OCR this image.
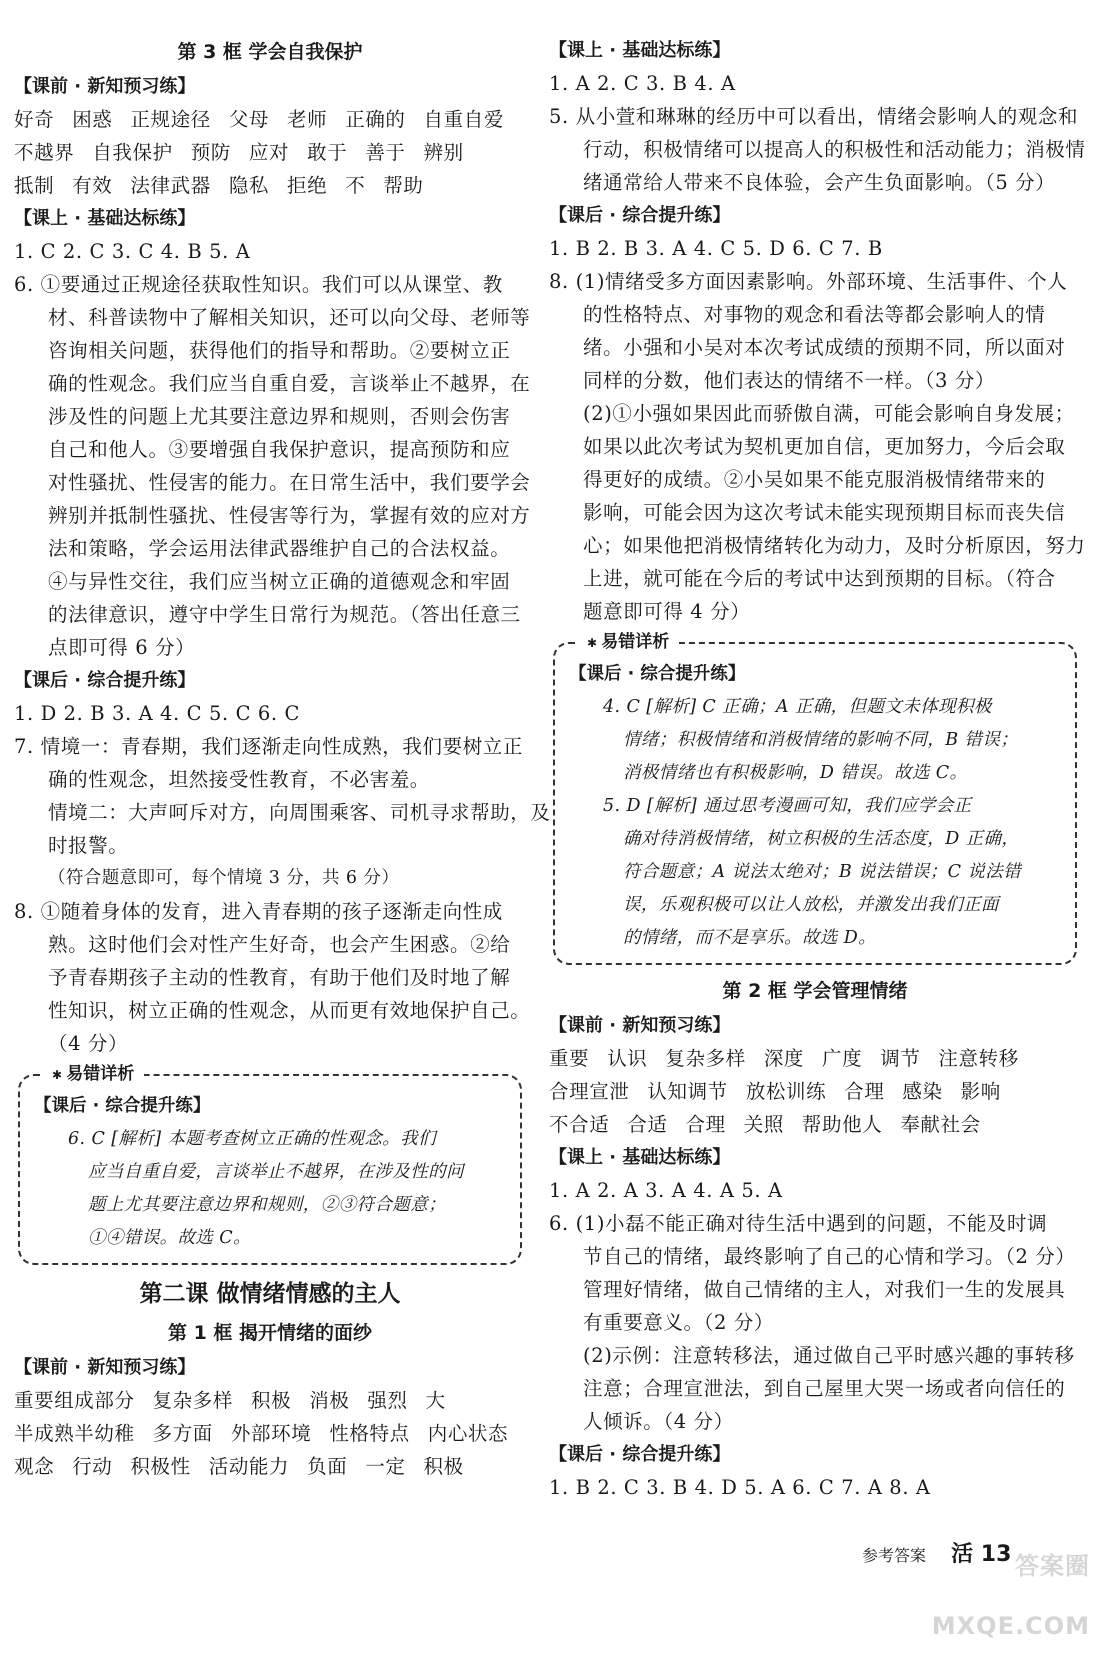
第 3 框 学会自我保护
【课前 · 新知预习练】
好奇 困惑 正规途径 父母 老师 正确的 自重自爱
不越界 自我保护 预防 应对 敢于 善于 辨别
抵制 有效 法律武器 隐私 拒绝 不 帮助
【课上 · 基础达标练】
1. C 2. C 3. C 4. B 5. A
6. ①要通过正规途径获取性知识。我们可以从课堂、教
材、科普读物中了解相关知识，还可以向父母、老师等
咨询相关问题，获得他们的指导和帮助。②要树立正
确的性观念。我们应当自重自爱，言谈举止不越界，在
涉及性的问题上尤其要注意边界和规则，否则会伤害
自己和他人。③要增强自我保护意识，提高预防和应
对性骚扰、性侵害的能力。在日常生活中，我们要学会
辨别并抵制性骚扰、性侵害等行为，掌握有效的应对方
法和策略，学会运用法律武器维护自己的合法权益。
④与异性交往，我们应当树立正确的道德观念和牢固
的法律意识，遵守中学生日常行为规范。（答出任意三
点即可得 6 分）
【课后 · 综合提升练】
1. D 2. B 3. A 4. C 5. C 6. C
7. 情境一：青春期，我们逐渐走向性成熟，我们要树立正
确的性观念，坦然接受性教育，不必害羞。
情境二：大声呵斥对方，向周围乘客、司机寻求帮助，及
时报警。
（符合题意即可，每个情境 3 分，共 6 分）
8. ①随着身体的发育，进入青春期的孩子逐渐走向性成
熟。这时他们会对性产生好奇，也会产生困惑。②给
予青春期孩子主动的性教育，有助于他们及时地了解
性知识，树立正确的性观念，从而更有效地保护自己。
（4 分）
✱ 易错详析
【课后 · 综合提升练】
6. C [解析] 本题考查树立正确的性观念。我们
应当自重自爱，言谈举止不越界，在涉及性的问
题上尤其要注意边界和规则，②③符合题意；
①④错误。故选 C。
第二课 做情绪情感的主人
第 1 框 揭开情绪的面纱
【课前 · 新知预习练】
重要组成部分 复杂多样 积极 消极 强烈 大
半成熟半幼稚 多方面 外部环境 性格特点 内心状态
观念 行动 积极性 活动能力 负面 一定 积极
【课上 · 基础达标练】
1. A 2. C 3. B 4. A
5. 从小萱和琳琳的经历中可以看出，情绪会影响人的观念和
行动，积极情绪可以提高人的积极性和活动能力；消极情
绪通常给人带来不良体验，会产生负面影响。（5 分）
【课后 · 综合提升练】
1. B 2. B 3. A 4. C 5. D 6. C 7. B
8. (1)情绪受多方面因素影响。外部环境、生活事件、个人
的性格特点、对事物的观念和看法等都会影响人的情
绪。小强和小吴对本次考试成绩的预期不同，所以面对
同样的分数，他们表达的情绪不一样。（3 分）
(2)①小强如果因此而骄傲自满，可能会影响自身发展；
如果以此次考试为契机更加自信，更加努力，今后会取
得更好的成绩。②小吴如果不能克服消极情绪带来的
影响，可能会因为这次考试未能实现预期目标而丧失信
心；如果他把消极情绪转化为动力，及时分析原因，努力
上进，就可能在今后的考试中达到预期的目标。（符合
题意即可得 4 分）
✱ 易错详析
【课后 · 综合提升练】
4. C [解析] C 正确；A 正确，但题文未体现积极
情绪；积极情绪和消极情绪的影响不同，B 错误；
消极情绪也有积极影响，D 错误。故选 C。
5. D [解析] 通过思考漫画可知，我们应学会正
确对待消极情绪，树立积极的生活态度，D 正确，
符合题意；A 说法太绝对；B 说法错误；C 说法错
误，乐观积极可以让人放松，并激发出我们正面
的情绪，而不是享乐。故选 D。
第 2 框 学会管理情绪
【课前 · 新知预习练】
重要 认识 复杂多样 深度 广度 调节 注意转移
合理宣泄 认知调节 放松训练 合理 感染 影响
不合适 合适 合理 关照 帮助他人 奉献社会
【课上 · 基础达标练】
1. A 2. A 3. A 4. A 5. A
6. (1)小磊不能正确对待生活中遇到的问题，不能及时调
节自己的情绪，最终影响了自己的心情和学习。（2 分）
管理好情绪，做自己情绪的主人，对我们一生的发展具
有重要意义。（2 分）
(2)示例：注意转移法，通过做自己平时感兴趣的事转移
注意；合理宣泄法，到自己屋里大哭一场或者向信任的
人倾诉。（4 分）
【课后 · 综合提升练】
1. B 2. C 3. B 4. D 5. A 6. C 7. A 8. A
答案圈 MXQE.COM
参考答案 活 13
